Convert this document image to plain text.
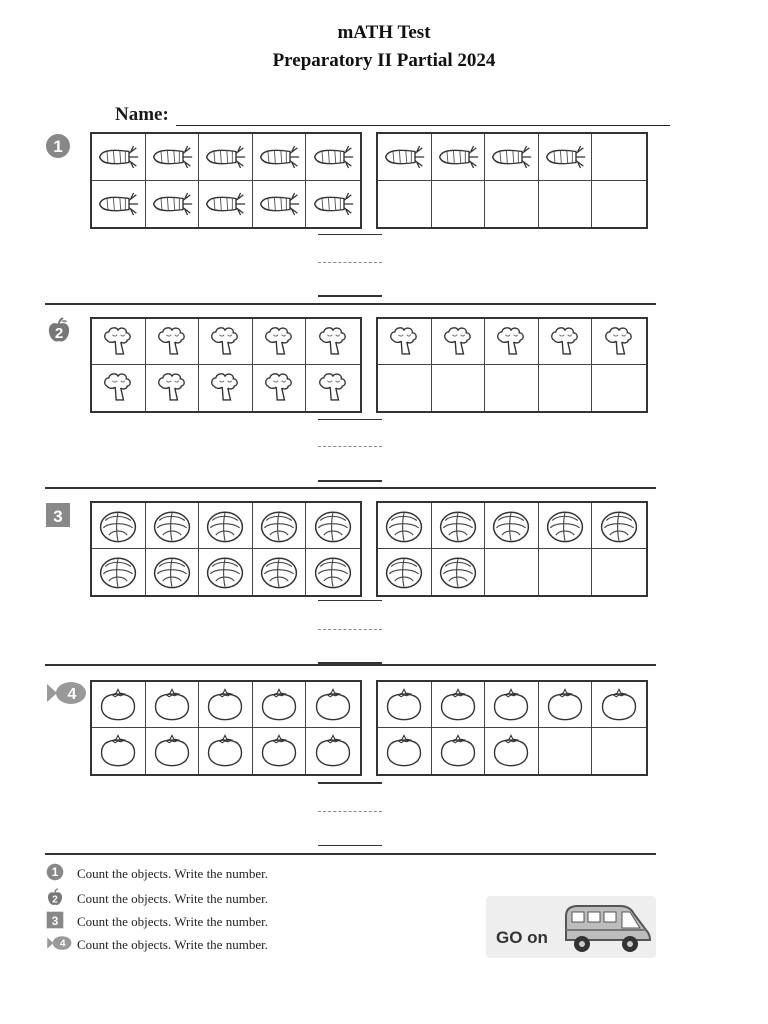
mATH Test
Preparatory II Partial 2024
Name:
1
2
3
4
1 Count the objects. Write the number.
2 Count the objects. Write the number.
3 Count the objects. Write the number.
4 Count the objects. Write the number.	GO on
